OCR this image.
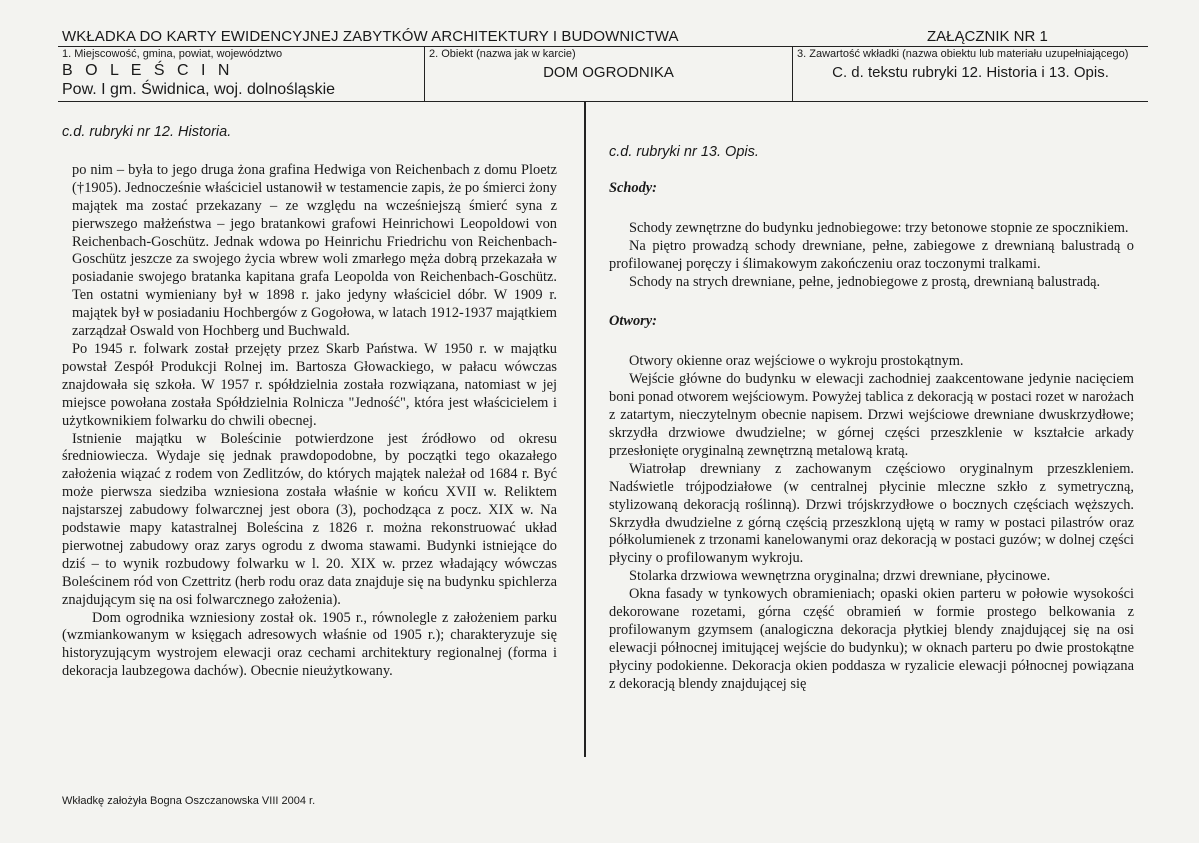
WKŁADKA DO KARTY EWIDENCYJNEJ ZABYTKÓW ARCHITEKTURY I BUDOWNICTWA	ZAŁĄCZNIK NR 1
1. Miejscowość, gmina, powiat, województwo
B O L E Ś C I N
Pow. I gm. Świdnica, woj. dolnośląskie
2. Obiekt (nazwa jak w karcie)
DOM OGRODNIKA
3. Zawartość wkładki (nazwa obiektu lub materiału uzupełniającego)
C. d. tekstu rubryki 12. Historia i 13. Opis.

c.d. rubryki nr 12. Historia.

po nim – była to jego druga żona grafina Hedwiga von Reichenbach z domu Ploetz (†1905). Jednocześnie właściciel ustanowił w testamencie zapis, że po śmierci żony majątek ma zostać przekazany – ze względu na wcześniejszą śmierć syna z pierwszego małżeństwa – jego bratankowi grafowi Heinrichowi Leopoldowi von Reichenbach-Goschütz. Jednak wdowa po Heinrichu Friedrichu von Reichenbach-Goschütz jeszcze za swojego życia wbrew woli zmarłego męża dobrą przekazała w posiadanie swojego bratanka kapitana grafa Leopolda von Reichenbach-Goschütz. Ten ostatni wymieniany był w 1898 r. jako jedyny właściciel dóbr. W 1909 r. majątek był w posiadaniu Hochbergów z Gogołowa, w latach 1912-1937 majątkiem zarządzał Oswald von Hochberg und Buchwald.

Po 1945 r. folwark został przejęty przez Skarb Państwa. W 1950 r. w majątku powstał Zespół Produkcji Rolnej im. Bartosza Głowackiego, w pałacu wówczas znajdowała się szkoła. W 1957 r. spółdzielnia została rozwiązana, natomiast w jej miejsce powołana została Spółdzielnia Rolnicza "Jedność", która jest właścicielem i użytkownikiem folwarku do chwili obecnej.

Istnienie majątku w Boleścinie potwierdzone jest źródłowo od okresu średniowiecza. Wydaje się jednak prawdopodobne, by początki tego okazałego założenia wiązać z rodem von Zedlitzów, do których majątek należał od 1684 r. Być może pierwsza siedziba wzniesiona została właśnie w końcu XVII w. Reliktem najstarszej zabudowy folwarcznej jest obora (3), pochodząca z pocz. XIX w. Na podstawie mapy katastralnej Boleścina z 1826 r. można rekonstruować układ pierwotnej zabudowy oraz zarys ogrodu z dwoma stawami. Budynki istniejące do dziś – to wynik rozbudowy folwarku w l. 20. XIX w. przez władający wówczas Boleścinem ród von Czettritz (herb rodu oraz data znajduje się na budynku spichlerza znajdującym się na osi folwarcznego założenia).

Dom ogrodnika wzniesiony został ok. 1905 r., równolegle z założeniem parku (wzmiankowanym w księgach adresowych właśnie od 1905 r.); charakteryzuje się historyzującym wystrojem elewacji oraz cechami architektury regionalnej (forma i dekoracja laubzegowa dachów). Obecnie nieużytkowany.

c.d. rubryki nr 13. Opis.

Schody:

Schody zewnętrzne do budynku jednobiegowe: trzy betonowe stopnie ze spocznikiem.

Na piętro prowadzą schody drewniane, pełne, zabiegowe z drewnianą balustradą o profilowanej poręczy i ślimakowym zakończeniu oraz toczonymi tralkami.

Schody na strych drewniane, pełne, jednobiegowe z prostą, drewnianą balustradą.

Otwory:

Otwory okienne oraz wejściowe o wykroju prostokątnym.

Wejście główne do budynku w elewacji zachodniej zaakcentowane jedynie nacięciem boni ponad otworem wejściowym. Powyżej tablica z dekoracją w postaci rozet w narożach z zatartym, nieczytelnym obecnie napisem. Drzwi wejściowe drewniane dwuskrzydłowe; skrzydła drzwiowe dwudzielne; w górnej części przeszklenie w kształcie arkady przesłonięte oryginalną zewnętrzną metalową kratą.

Wiatrołap drewniany z zachowanym częściowo oryginalnym przeszkleniem. Nadświetle trójpodziałowe (w centralnej płycinie mleczne szkło z symetryczną, stylizowaną dekoracją roślinną). Drzwi trójskrzydłowe o bocznych częściach węższych. Skrzydła dwudzielne z górną częścią przeszkloną ujętą w ramy w postaci pilastrów oraz półkolumienek z trzonami kanelowanymi oraz dekoracją w postaci guzów; w dolnej części płyciny o profilowanym wykroju.

Stolarka drzwiowa wewnętrzna oryginalna; drzwi drewniane, płycinowe.

Okna fasady w tynkowych obramieniach; opaski okien parteru w połowie wysokości dekorowane rozetami, górna część obramień w formie prostego belkowania z profilowanym gzymsem (analogiczna dekoracja płytkiej blendy znajdującej się na osi elewacji północnej imitującej wejście do budynku); w oknach parteru po dwie prostokątne płyciny podokienne. Dekoracja okien poddasza w ryzalicie elewacji północnej powiązana z dekoracją blendy znajdującej się

Wkładkę założyła Bogna Oszczanowska VIII 2004 r.
